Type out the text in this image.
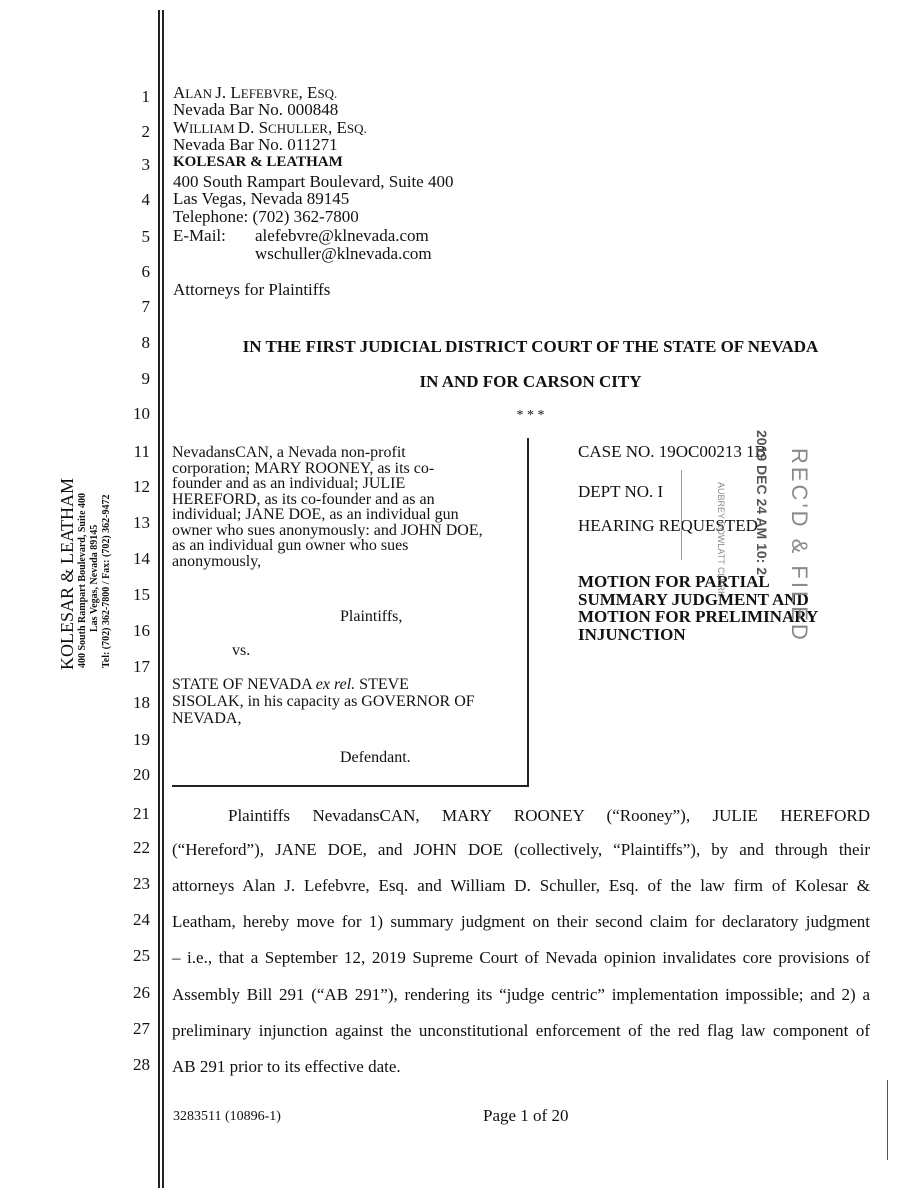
KOLESAR & LEATHAM 400 South Rampart Boulevard, Suite 400 Las Vegas, Nevada 89145 Tel: (702) 362-7800 / Fax: (702) 362-9472
1
2
3
4
5
6
7
8
9
10
11
12
13
14
15
16
17
18
19
20
21
22
23
24
25
26
27
28
ALAN J. LEFEBVRE, ESQ.
Nevada Bar No. 000848
WILLIAM D. SCHULLER, ESQ.
Nevada Bar No. 011271
KOLESAR & LEATHAM
400 South Rampart Boulevard, Suite 400
Las Vegas, Nevada 89145
Telephone: (702) 362-7800
E-Mail: alefebvre@klnevada.com
wschuller@klnevada.com
Attorneys for Plaintiffs
IN THE FIRST JUDICIAL DISTRICT COURT OF THE STATE OF NEVADA
IN AND FOR CARSON CITY
* * *
NevadansCAN, a Nevada non-profit
corporation; MARY ROONEY, as its co-
founder and as an individual; JULIE
HEREFORD, as its co-founder and as an
individual; JANE DOE, as an individual gun
owner who sues anonymously: and JOHN DOE,
as an individual gun owner who sues
anonymously,
Plaintiffs,
vs.
STATE OF NEVADA ex rel. STEVE
SISOLAK, in his capacity as GOVERNOR OF
NEVADA,
Defendant.
CASE NO. 19OC00213 1B
DEPT NO. I
HEARING REQUESTED
MOTION FOR PARTIAL
SUMMARY JUDGMENT AND
MOTION FOR PRELIMINARY
INJUNCTION	REC'D & FILED
2019 DEC 24 AM 10: 2
AUBREY ROWLATT CLERK
Plaintiffs NevadansCAN, MARY ROONEY (“Rooney”), JULIE HEREFORD
(“Hereford”), JANE DOE, and JOHN DOE (collectively, “Plaintiffs”), by and through their
attorneys Alan J. Lefebvre, Esq. and William D. Schuller, Esq. of the law firm of Kolesar &
Leatham, hereby move for 1) summary judgment on their second claim for declaratory judgment
– i.e., that a September 12, 2019 Supreme Court of Nevada opinion invalidates core provisions of
Assembly Bill 291 (“AB 291”), rendering its “judge centric” implementation impossible; and 2) a
preliminary injunction against the unconstitutional enforcement of the red flag law component of
AB 291 prior to its effective date.
3283511 (10896-1)	Page 1 of 20
